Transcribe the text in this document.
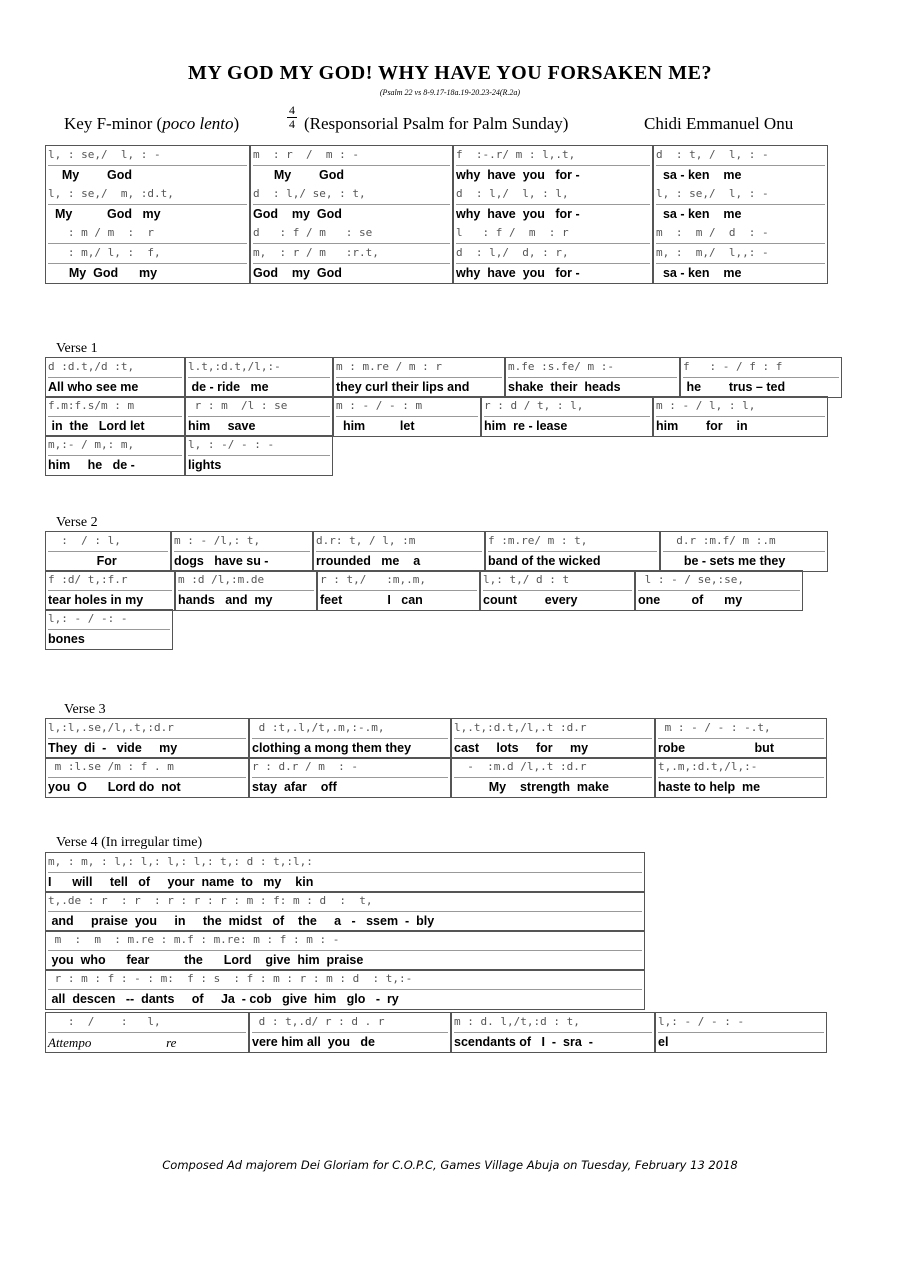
MY GOD MY GOD! WHY HAVE YOU FORSAKEN ME?
(Psalm 22 vs 8-9.17-18a.19-20.23-24(R.2a)
Key F-minor (poco lento)
4
4 (Responsorial Psalm for Palm Sunday)	Chidi Emmanuel Onu
l, : se,/  l, : -
My        God
l, : se,/  m, :d.t,
My          God   my
: m / m  :  r
: m,/ l, :  f,
My  God      my
m  : r  /  m : -
My        God
d  : l,/ se, : t,
God    my  God
d   : f / m   : se
m,  : r / m   :r.t,
God    my  God
f  :-.r/ m : l,.t,
why  have  you   for -
d  : l,/  l, : l,
why  have  you   for -
l   : f /  m  : r
d  : l,/  d, : r,
why  have  you   for -
d  : t, /  l, : -
sa - ken    me
l, : se,/  l, : -
sa - ken    me
m  :  m /  d  : -
m, :  m,/  l,,: -
sa - ken    me
Verse 1
d :d.t,/d :t,
All who see me
l.t,:d.t,/l,:-
de - ride   me
m : m.re / m : r
they curl their lips and
m.fe :s.fe/ m :-
shake  their  heads
f   : - / f : f
he        trus – ted
f.m:f.s/m : m
in  the   Lord let
r : m  /l : se
him     save
m : - / - : m
him          let
r : d / t, : l,
him  re - lease
m : - / l, : l,
him        for    in
m,:- / m,: m,
him     he   de -
l, : -/ - : -
lights
Verse 2
:  / : l,
For
m : - /l,: t,
dogs   have su -
d.r: t, / l, :m
rrounded   me    a
f :m.re/ m : t,
band of the wicked
d.r :m.f/ m :.m
be - sets me they
f :d/ t,:f.r
tear holes in my
m :d /l,:m.de
hands   and  my
r : t,/   :m,.m,
feet             I   can
l,: t,/ d : t
count        every
l : - / se,:se,
one         of      my
l,: - / -: -
bones
Verse 3
l,:l,.se,/l,.t,:d.r
They  di  -   vide     my
d :t,.l,/t,.m,:-.m,
clothing a mong them they
l,.t,:d.t,/l,.t :d.r
cast     lots     for     my
m : - / - : -.t,
robe                    but
m :l.se /m : f . m
you  O      Lord do  not
r : d.r / m  : -
stay  afar    off
-  :m.d /l,.t :d.r
My    strength  make
t,.m,:d.t,/l,:-
haste to help  me
Verse 4 (In irregular time)
m, : m, : l,: l,: l,: l,: t,: d : t,:l,:
I      will     tell   of     your  name  to   my    kin
t,.de : r  : r  : r : r : r : m : f: m : d  :  t,
and     praise  you     in     the  midst   of    the     a   -   ssem  -  bly
m  :  m  : m.re : m.f : m.re: m : f : m : -
you  who      fear          the      Lord    give  him  praise
r : m : f : - : m:  f : s  : f : m : r : m : d  : t,:-
all  descen   --  dants     of     Ja  - cob   give  him   glo   -  ry
:  /    :   l,
Attempo                       re
d : t,.d/ r : d . r
vere him all  you   de
m : d. l,/t,:d : t,
scendants of   I  -  sra  -
l,: - / - : -
el
Composed Ad majorem Dei Gloriam for C.O.P.C, Games Village Abuja on Tuesday, February 13 2018
